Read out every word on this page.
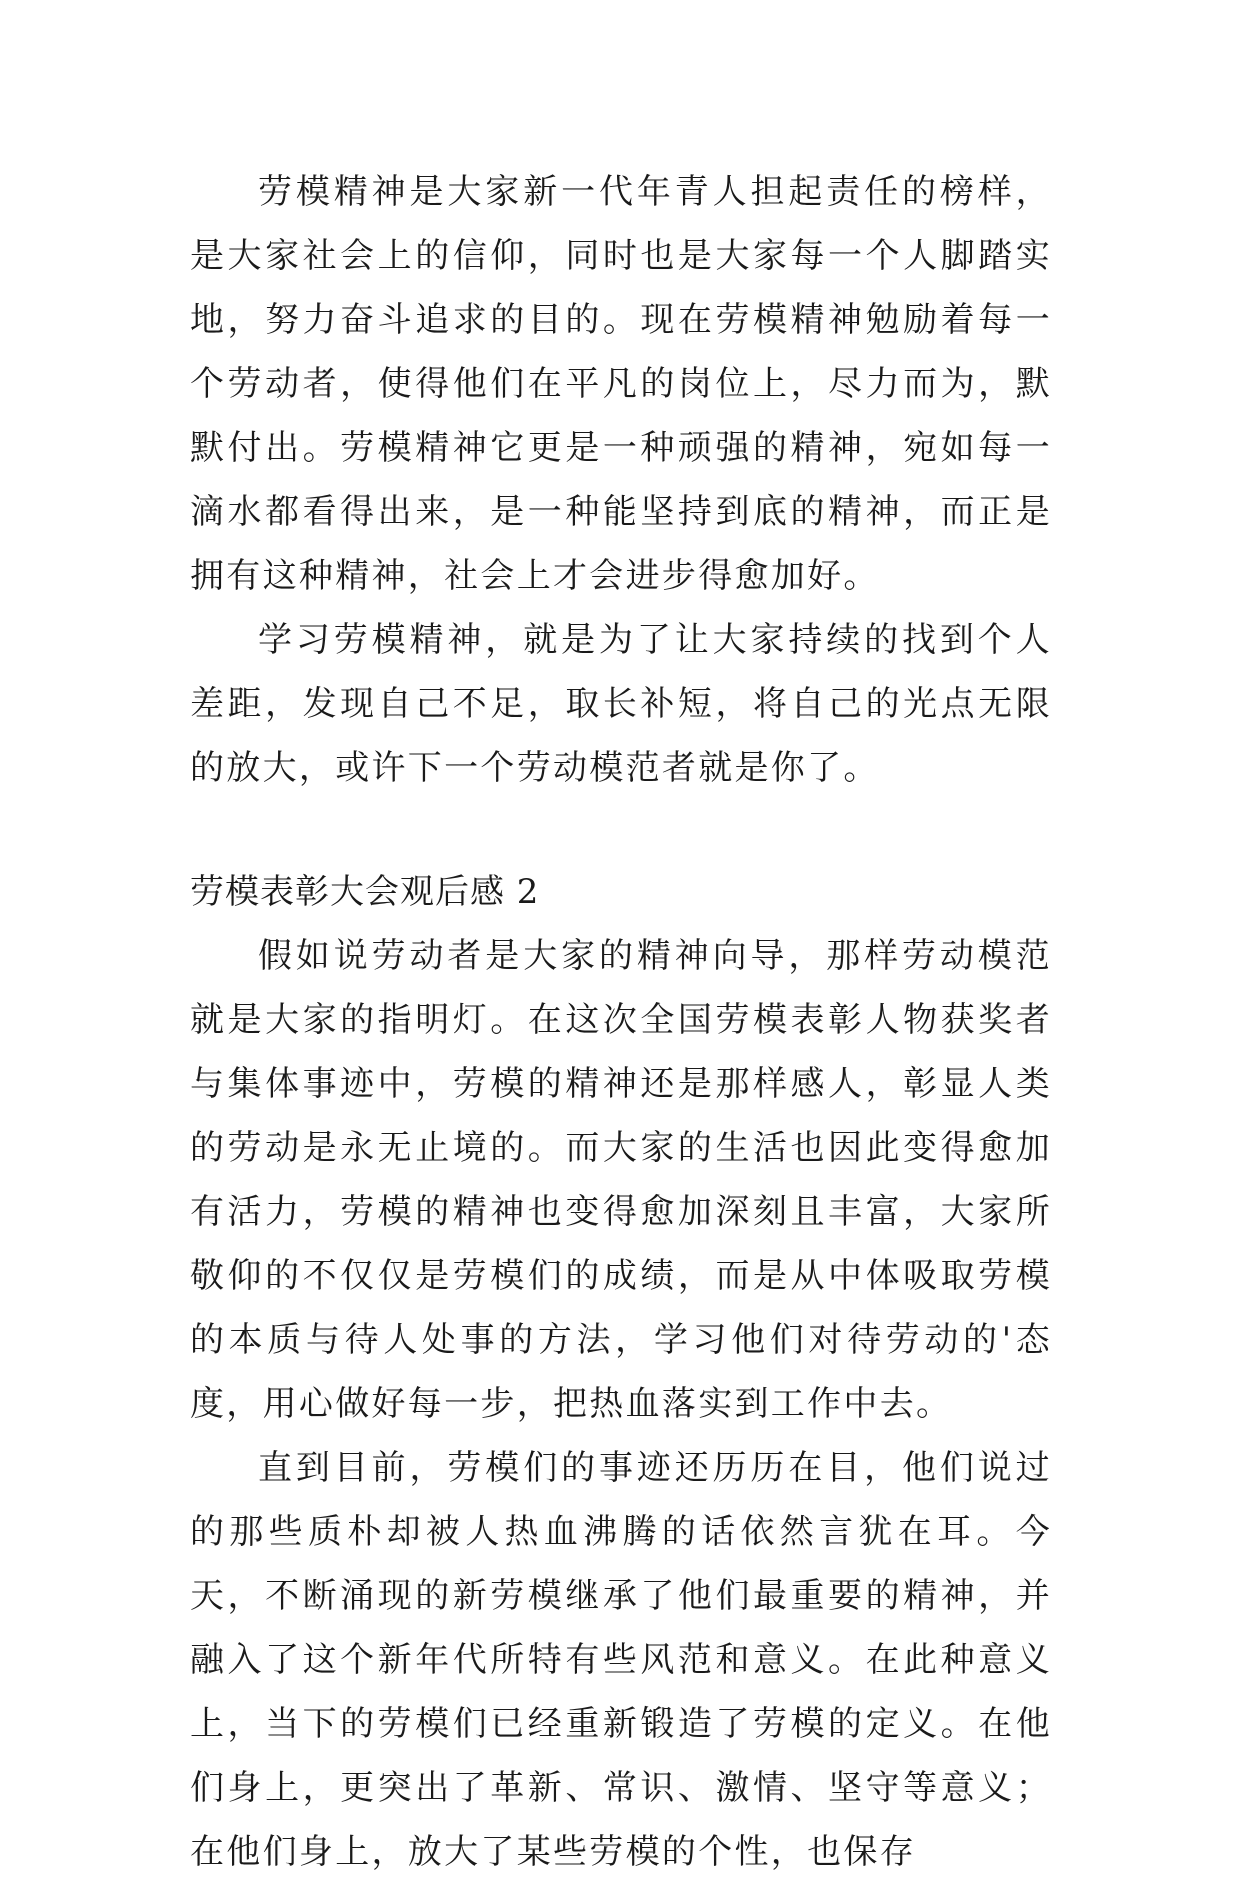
劳模精神是大家新一代年青人担起责任的榜样，是大家社会上的信仰，同时也是大家每一个人脚踏实地，努力奋斗追求的目的。现在劳模精神勉励着每一个劳动者，使得他们在平凡的岗位上，尽力而为，默默付出。劳模精神它更是一种顽强的精神，宛如每一滴水都看得出来，是一种能坚持到底的精神，而正是拥有这种精神，社会上才会进步得愈加好。

学习劳模精神，就是为了让大家持续的找到个人差距，发现自己不足，取长补短，将自己的光点无限的放大，或许下一个劳动模范者就是你了。

劳模表彰大会观后感 2

假如说劳动者是大家的精神向导，那样劳动模范就是大家的指明灯。在这次全国劳模表彰人物获奖者与集体事迹中，劳模的精神还是那样感人，彰显人类的劳动是永无止境的。而大家的生活也因此变得愈加有活力，劳模的精神也变得愈加深刻且丰富，大家所敬仰的不仅仅是劳模们的成绩，而是从中体吸取劳模的本质与待人处事的方法，学习他们对待劳动的'态度，用心做好每一步，把热血落实到工作中去。

直到目前，劳模们的事迹还历历在目，他们说过的那些质朴却被人热血沸腾的话依然言犹在耳。今天，不断涌现的新劳模继承了他们最重要的精神，并融入了这个新年代所特有些风范和意义。在此种意义上，当下的劳模们已经重新锻造了劳模的定义。在他们身上，更突出了革新、常识、激情、坚守等意义；在他们身上，放大了某些劳模的个性，也保存
